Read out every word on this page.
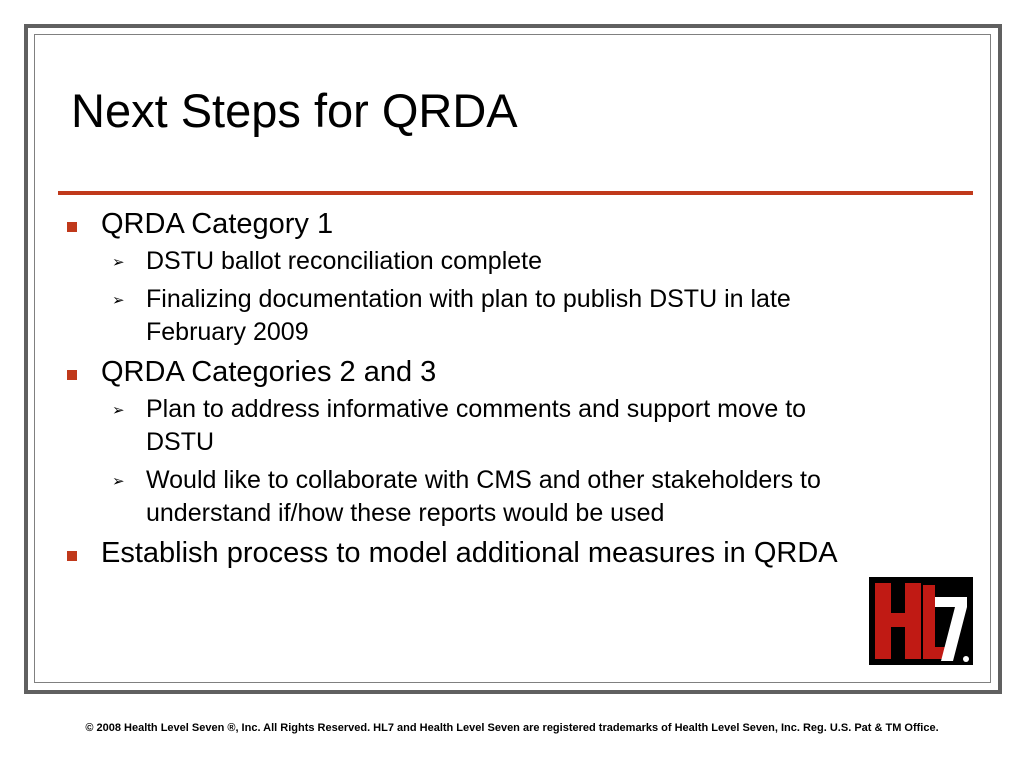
Next Steps for QRDA
QRDA Category 1
➢ DSTU ballot reconciliation complete
➢ Finalizing documentation with plan to publish DSTU in late February 2009
QRDA Categories 2 and 3
➢ Plan to address informative comments and support move to DSTU
➢ Would like to collaborate with CMS and other stakeholders to understand if/how these reports would be used
Establish process to model additional measures in QRDA
© 2008 Health Level Seven ®, Inc. All Rights Reserved. HL7 and Health Level Seven are registered trademarks of Health Level Seven, Inc. Reg. U.S. Pat & TM Office.
